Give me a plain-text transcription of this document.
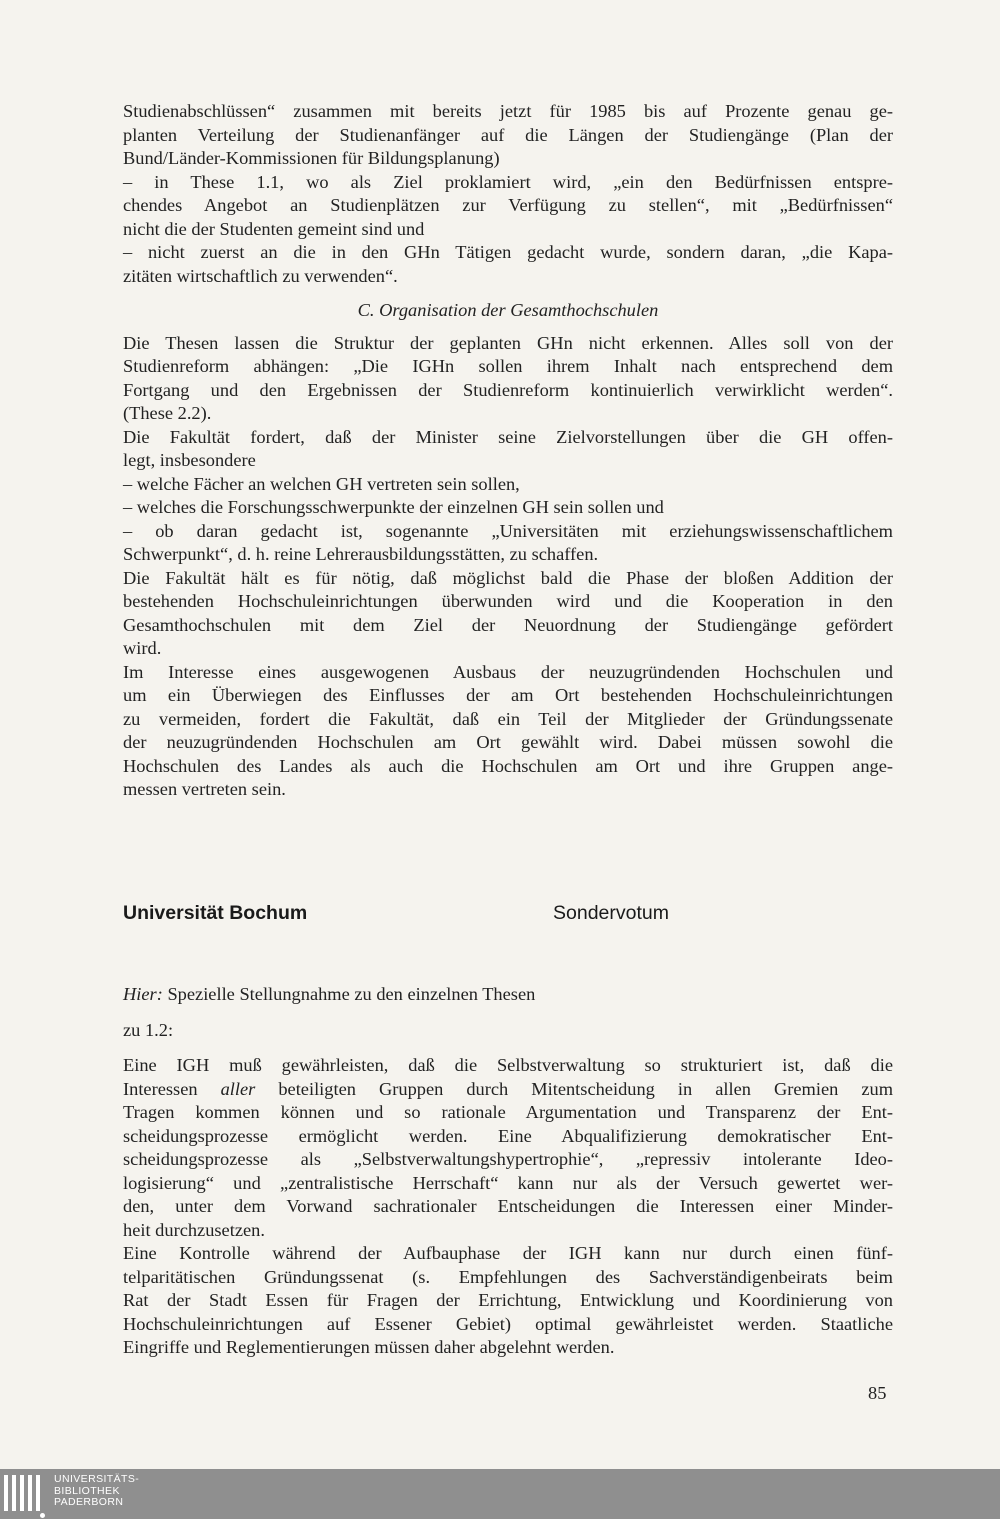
Studienabschlüssen“ zusammen mit bereits jetzt für 1985 bis auf Prozente genau ge-
planten Verteilung der Studienanfänger auf die Längen der Studiengänge (Plan der
Bund/Länder-Kommissionen für Bildungsplanung)

– in These 1.1, wo als Ziel proklamiert wird, „ein den Bedürfnissen entspre-
chendes Angebot an Studienplätzen zur Verfügung zu stellen“, mit „Bedürfnissen“
nicht die der Studenten gemeint sind und

– nicht zuerst an die in den GHn Tätigen gedacht wurde, sondern daran, „die Kapa-
zitäten wirtschaftlich zu verwenden“.

C. Organisation der Gesamthochschulen

Die Thesen lassen die Struktur der geplanten GHn nicht erkennen. Alles soll von der
Studienreform abhängen: „Die IGHn sollen ihrem Inhalt nach entsprechend dem
Fortgang und den Ergebnissen der Studienreform kontinuierlich verwirklicht werden“.
(These 2.2).

Die Fakultät fordert, daß der Minister seine Zielvorstellungen über die GH offen-
legt, insbesondere

– welche Fächer an welchen GH vertreten sein sollen,

– welches die Forschungsschwerpunkte der einzelnen GH sein sollen und

– ob daran gedacht ist, sogenannte „Universitäten mit erziehungswissenschaftlichem
Schwerpunkt“, d. h. reine Lehrerausbildungsstätten, zu schaffen.

Die Fakultät hält es für nötig, daß möglichst bald die Phase der bloßen Addition der
bestehenden Hochschuleinrichtungen überwunden wird und die Kooperation in den
Gesamthochschulen mit dem Ziel der Neuordnung der Studiengänge gefördert
wird.

Im Interesse eines ausgewogenen Ausbaus der neuzugründenden Hochschulen und
um ein Überwiegen des Einflusses der am Ort bestehenden Hochschuleinrichtungen
zu vermeiden, fordert die Fakultät, daß ein Teil der Mitglieder der Gründungssenate
der neuzugründenden Hochschulen am Ort gewählt wird. Dabei müssen sowohl die
Hochschulen des Landes als auch die Hochschulen am Ort und ihre Gruppen ange-
messen vertreten sein.

Universität Bochum	Sondervotum

Hier: Spezielle Stellungnahme zu den einzelnen Thesen

zu 1.2:

Eine IGH muß gewährleisten, daß die Selbstverwaltung so strukturiert ist, daß die
Interessen aller beteiligten Gruppen durch Mitentscheidung in allen Gremien zum
Tragen kommen können und so rationale Argumentation und Transparenz der Ent-
scheidungsprozesse ermöglicht werden. Eine Abqualifizierung demokratischer Ent-
scheidungsprozesse als „Selbstverwaltungshypertrophie“, „repressiv intolerante Ideo-
logisierung“ und „zentralistische Herrschaft“ kann nur als der Versuch gewertet wer-
den, unter dem Vorwand sachrationaler Entscheidungen die Interessen einer Minder-
heit durchzusetzen.

Eine Kontrolle während der Aufbauphase der IGH kann nur durch einen fünf-
telparitätischen Gründungssenat (s. Empfehlungen des Sachverständigenbeirats beim
Rat der Stadt Essen für Fragen der Errichtung, Entwicklung und Koordinierung von
Hochschuleinrichtungen auf Essener Gebiet) optimal gewährleistet werden. Staatliche
Eingriffe und Reglementierungen müssen daher abgelehnt werden.

85
UNIVERSITÄTS-
BIBLIOTHEK
PADERBORN
